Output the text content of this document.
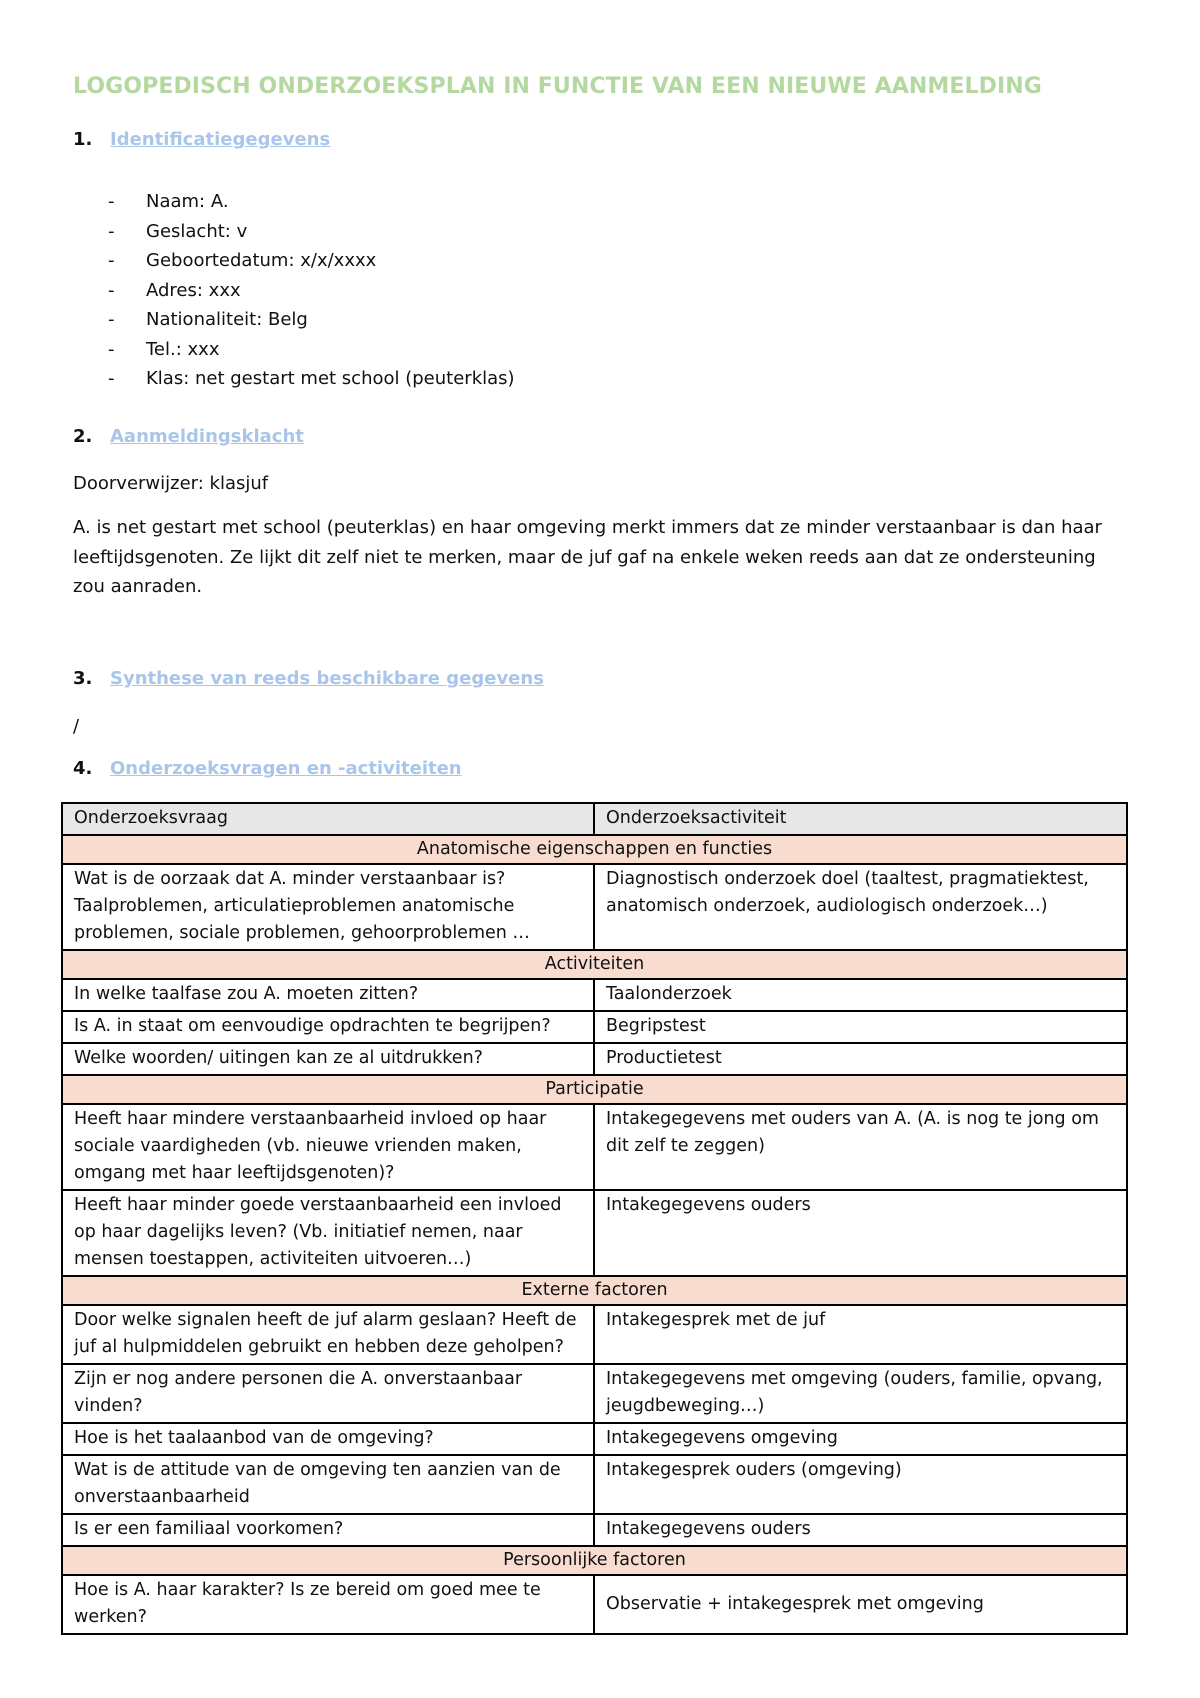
LOGOPEDISCH ONDERZOEKSPLAN IN FUNCTIE VAN EEN NIEUWE AANMELDING
1. Identificatiegegevens
- Naam: A.
- Geslacht: v
- Geboortedatum: x/x/xxxx
- Adres: xxx
- Nationaliteit: Belg
- Tel.: xxx
- Klas: net gestart met school (peuterklas)
2. Aanmeldingsklacht
Doorverwijzer: klasjuf
A. is net gestart met school (peuterklas) en haar omgeving merkt immers dat ze minder verstaanbaar is dan haar leeftijdsgenoten. Ze lijkt dit zelf niet te merken, maar de juf gaf na enkele weken reeds aan dat ze ondersteuning zou aanraden.
3. Synthese van reeds beschikbare gegevens
/
4. Onderzoeksvragen en -activiteiten
Onderzoeksvraag	Onderzoeksactiviteit
Anatomische eigenschappen en functies	
Wat is de oorzaak dat A. minder verstaanbaar is? Taalproblemen, articulatieproblemen anatomische problemen, sociale problemen, gehoorproblemen …	Diagnostisch onderzoek doel (taaltest, pragmatiektest, anatomisch onderzoek, audiologisch onderzoek…)
Activiteiten	
In welke taalfase zou A. moeten zitten?	Taalonderzoek
Is A. in staat om eenvoudige opdrachten te begrijpen?	Begripstest
Welke woorden/ uitingen kan ze al uitdrukken?	Productietest
Participatie	
Heeft haar mindere verstaanbaarheid invloed op haar sociale vaardigheden (vb. nieuwe vrienden maken, omgang met haar leeftijdsgenoten)?	Intakegegevens met ouders van A. (A. is nog te jong om dit zelf te zeggen)
Heeft haar minder goede verstaanbaarheid een invloed op haar dagelijks leven? (Vb. initiatief nemen, naar mensen toestappen, activiteiten uitvoeren…)	Intakegegevens ouders
Externe factoren	
Door welke signalen heeft de juf alarm geslaan? Heeft de juf al hulpmiddelen gebruikt en hebben deze geholpen?	Intakegesprek met de juf
Zijn er nog andere personen die A. onverstaanbaar vinden?	Intakegegevens met omgeving (ouders, familie, opvang, jeugdbeweging…)
Hoe is het taalaanbod van de omgeving?	Intakegegevens omgeving
Wat is de attitude van de omgeving ten aanzien van de onverstaanbaarheid	Intakegesprek ouders (omgeving)
Is er een familiaal voorkomen?	Intakegegevens ouders
Persoonlijke factoren	
Hoe is A. haar karakter? Is ze bereid om goed mee te werken?	Observatie + intakegesprek met omgeving
